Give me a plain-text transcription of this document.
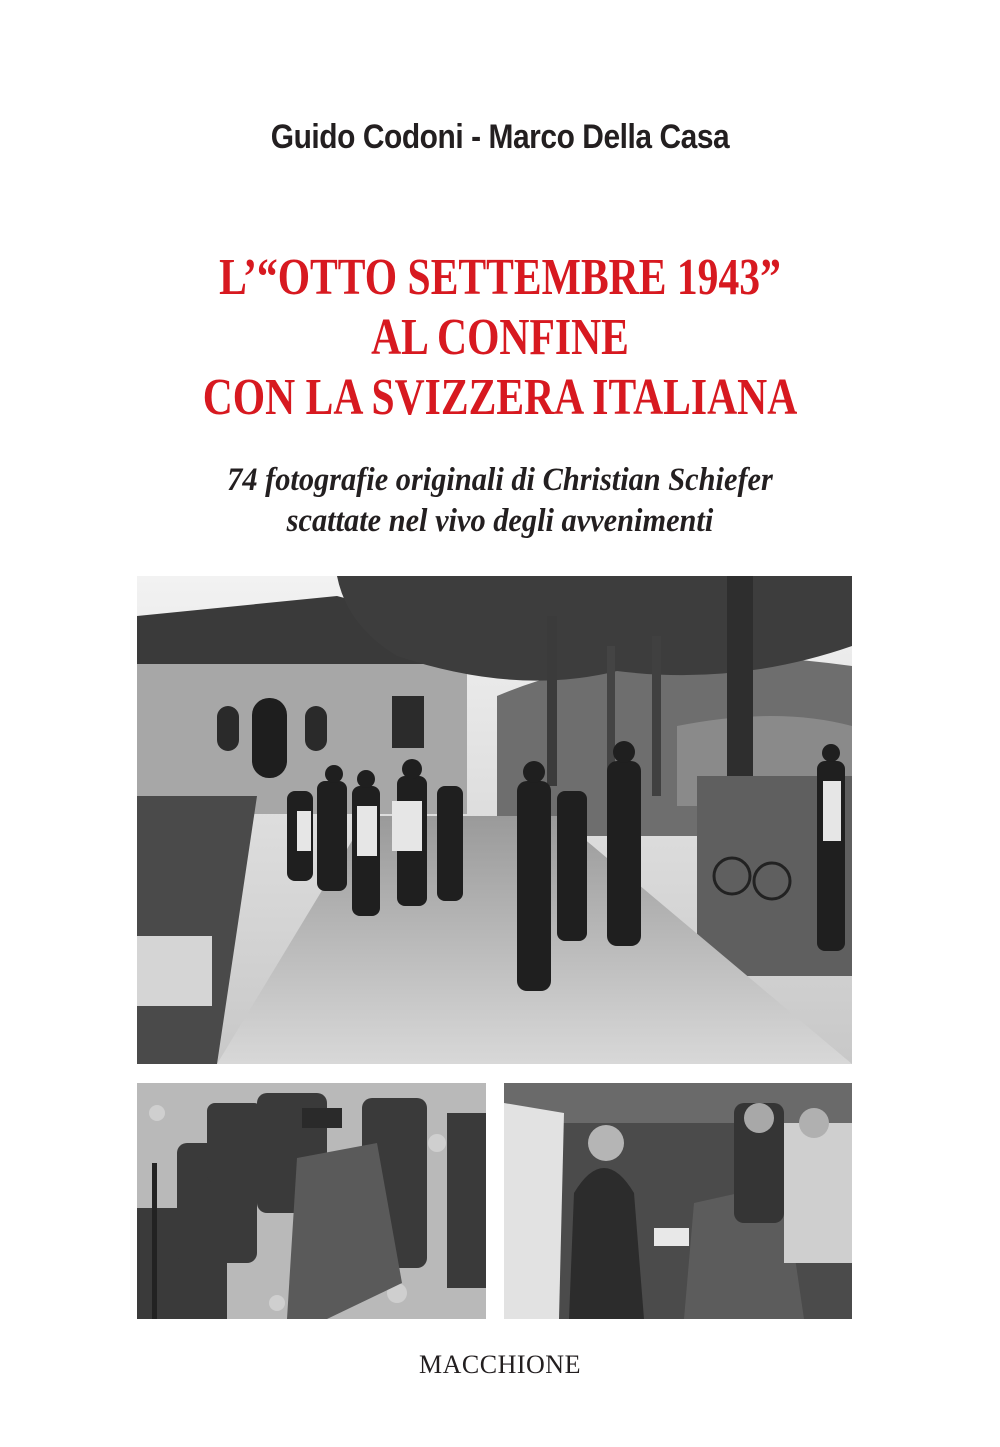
Guido Codoni - Marco Della Casa
L’“OTTO SETTEMBRE 1943”
AL CONFINE
CON LA SVIZZERA ITALIANA
74 fotografie originali di Christian Schiefer
scattate nel vivo degli avvenimenti
MACCHIONE
